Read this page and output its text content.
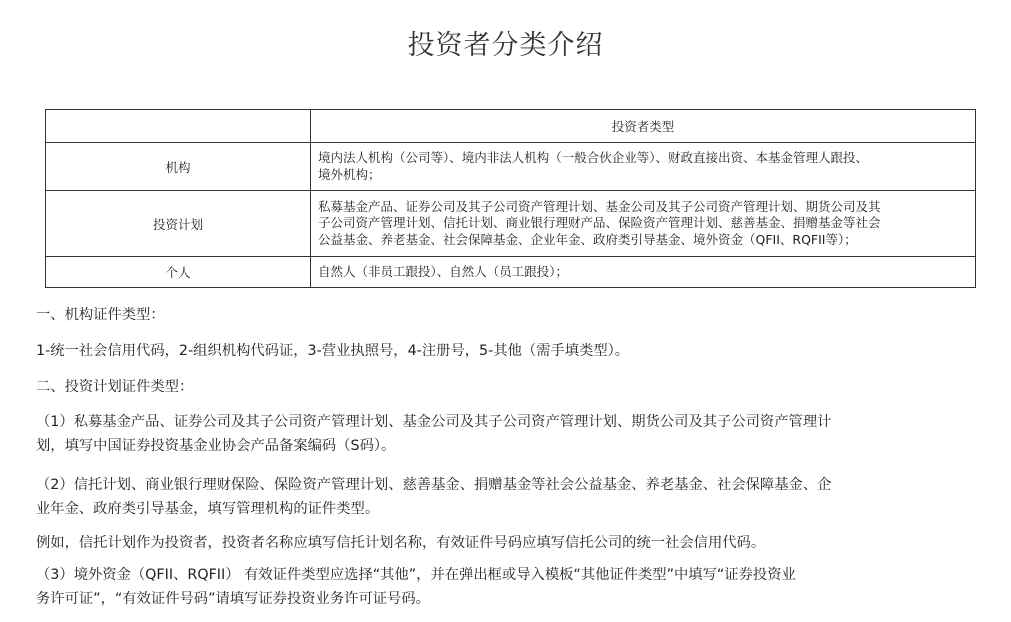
投资者分类介绍
	投资者类型
机构	境内法人机构（公司等）、境内非法人机构（一般合伙企业等）、财政直接出资、本基金管理人跟投、
境外机构；

投资计划	私募基金产品、证券公司及其子公司资产管理计划、基金公司及其子公司资产管理计划、期货公司及其
子公司资产管理计划、信托计划、商业银行理财产品、保险资产管理计划、慈善基金、捐赠基金等社会
公益基金、养老基金、社会保障基金、企业年金、政府类引导基金、境外资金（QFII、RQFII等）；

个人	自然人（非员工跟投）、自然人（员工跟投）；
一、机构证件类型：
1-统一社会信用代码，2-组织机构代码证，3-营业执照号，4-注册号，5-其他（需手填类型）。
二、投资计划证件类型：
（1）私募基金产品、证券公司及其子公司资产管理计划、基金公司及其子公司资产管理计划、期货公司及其子公司资产管理计
划，填写中国证券投资基金业协会产品备案编码（S码）。
（2）信托计划、商业银行理财保险、保险资产管理计划、慈善基金、捐赠基金等社会公益基金、养老基金、社会保障基金、企
业年金、政府类引导基金，填写管理机构的证件类型。
例如，信托计划作为投资者，投资者名称应填写信托计划名称，有效证件号码应填写信托公司的统一社会信用代码。
（3）境外资金（QFII、RQFII） 有效证件类型应选择“其他”，并在弹出框或导入模板“其他证件类型”中填写“证券投资业
务许可证”，“有效证件号码”请填写证券投资业务许可证号码。
